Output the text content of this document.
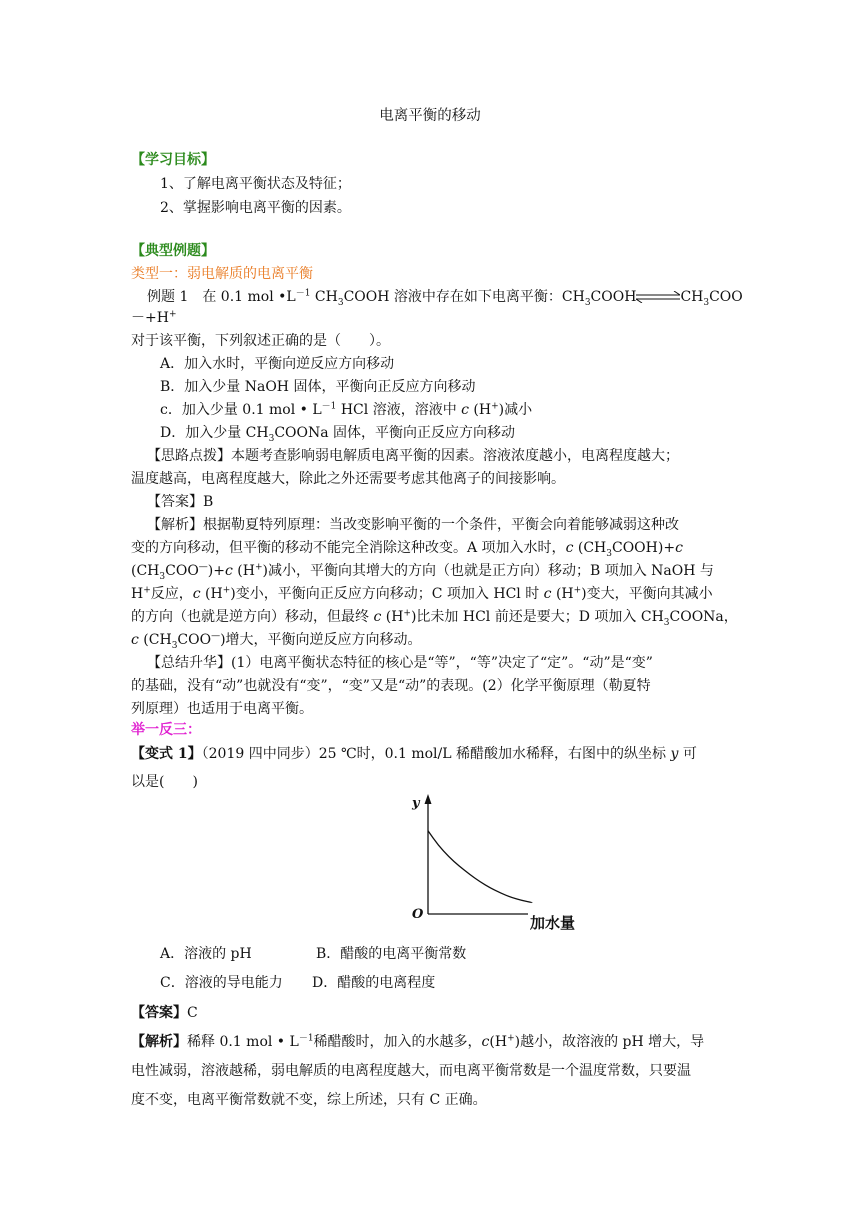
电离平衡的移动
【学习目标】
1、了解电离平衡状态及特征；
2、掌握影响电离平衡的因素。
【典型例题】
类型一：弱电解质的电离平衡
例题 1　在 0.1 mol $•L^{-1}$ $CH_3COOH$ 溶液中存在如下电离平衡：$CH_3COOH\rightleftharpoons CH_3COO$
－+H+
对于该平衡，下列叙述正确的是（　　）。
A．加入水时，平衡向逆反应方向移动
B．加入少量 NaOH 固体，平衡向正反应方向移动
c．加入少量 0.1 mol • $L^{-1}$ HCl 溶液，溶液中 c (H+)减小
D．加入少量 $CH_3COONa$ 固体，平衡向正反应方向移动
【思路点拨】本题考查影响弱电解质电离平衡的因素。溶液浓度越小，电离程度越大；
温度越高，电离程度越大，除此之外还需要考虑其他离子的间接影响。
【答案】B
【解析】根据勒夏特列原理：当改变影响平衡的一个条件，平衡会向着能够减弱这种改
变的方向移动，但平衡的移动不能完全消除这种改变。A 项加入水时，c $(CH_3COOH)+c$
$(CH_3COO^—)+c$ (H+)减小，平衡向其增大的方向（也就是正方向）移动；B 项加入 NaOH 与
H+反应，c (H+)变小，平衡向正反应方向移动；C 项加入 HCl 时 c (H+)变大，平衡向其减小
的方向（也就是逆方向）移动，但最终 c (H+)比未加 HCl 前还是要大；D 项加入 $CH_3COONa$，
c $(CH_3COO^—)$增大，平衡向逆反应方向移动。
【总结升华】(1）电离平衡状态特征的核心是“等”，“等”决定了“定”。“动”是“变”
的基础，没有“动”也就没有“变”，“变”又是“动”的表现。(2）化学平衡原理（勒夏特
列原理）也适用于电离平衡。
举一反三：
【变式 1】（2019 四中同步）25 ℃时，0.1 mol/L 稀醋酸加水稀释，右图中的纵坐标 y 可
以是(　　)
y
O	加水量
A．溶液的 pH	B．醋酸的电离平衡常数
C．溶液的导电能力 D．醋酸的电离程度
【答案】C
【解析】稀释 0.1 mol • $L^{-1}$稀醋酸时，加入的水越多，c(H+)越小，故溶液的 pH 增大，导
电性减弱，溶液越稀，弱电解质的电离程度越大，而电离平衡常数是一个温度常数，只要温
度不变，电离平衡常数就不变，综上所述，只有 C 正确。
